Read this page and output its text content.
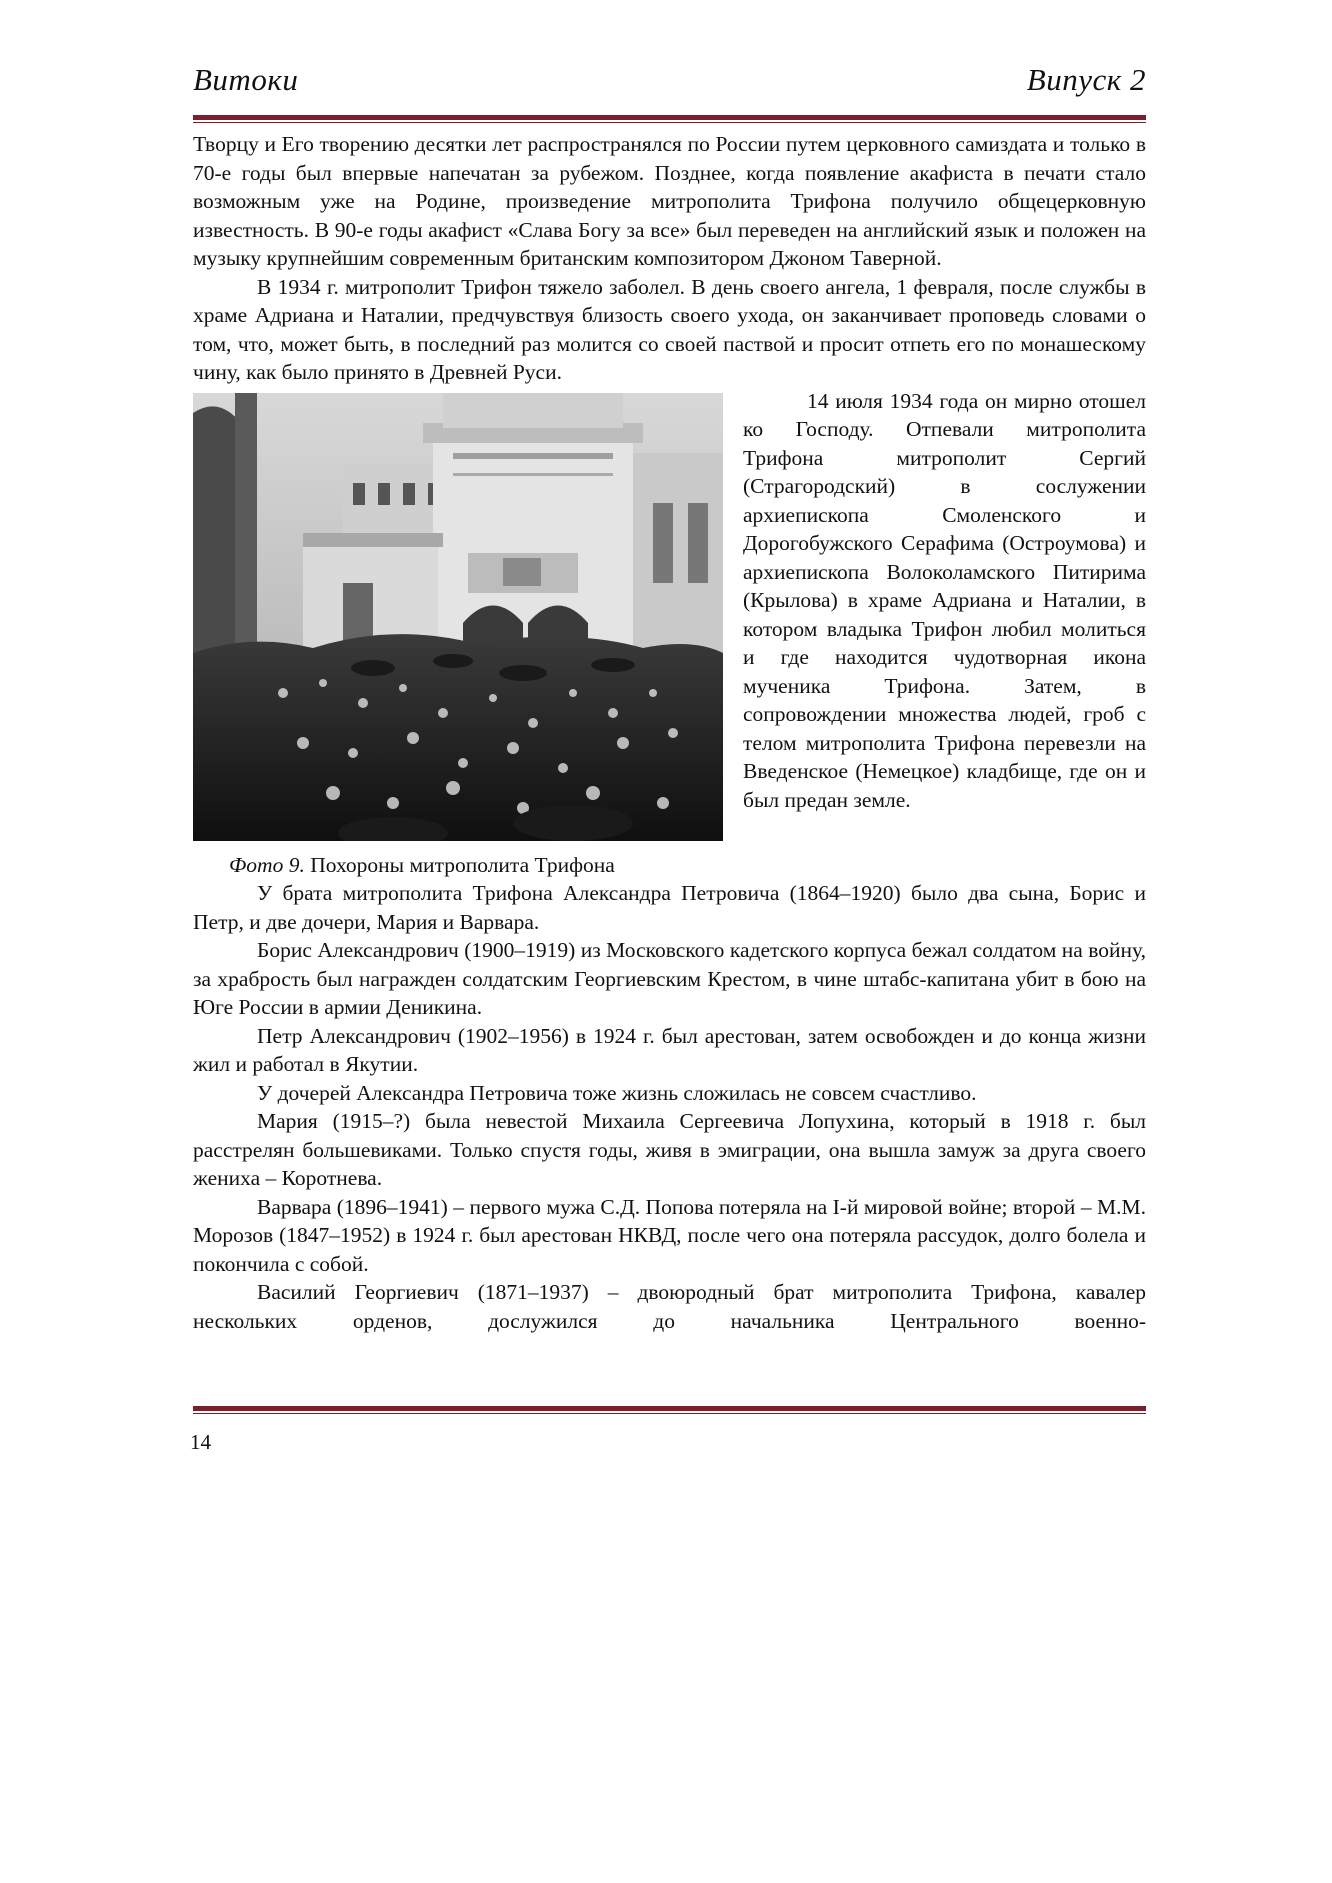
Витоки	Випуск 2

Творцу и Его творению десятки лет распространялся по России путем церковного самиздата и только в 70-е годы был впервые напечатан за рубежом. Позднее, когда появление акафиста в печати стало возможным уже на Родине, произведение митрополита Трифона получило общецерковную известность. В 90-е годы акафист «Слава Богу за все» был переведен на английский язык и положен на музыку крупнейшим современным британским композитором Джоном Таверной.

В 1934 г. митрополит Трифон тяжело заболел. В день своего ангела, 1 февраля, после службы в храме Адриана и Наталии, предчувствуя близость своего ухода, он заканчивает проповедь словами о том, что, может быть, в последний раз молится со своей паствой и просит отпеть его по монашескому чину, как было принято в Древней Руси.

14 июля 1934 года он мирно отошел ко Господу. Отпевали митрополита Трифона митрополит Сергий (Страгородский) в сослужении архиепископа Смоленского и Дорогобужского Серафима (Остроумова) и архиепископа Волоколамского Питирима (Крылова) в храме Адриана и Наталии, в котором владыка Трифон любил молиться и где находится чудотворная икона мученика Трифона. Затем, в сопровождении множества людей, гроб с телом митрополита Трифона перевезли на Введенское (Немецкое) кладбище, где он и был предан земле.

Фото 9. Похороны митрополита Трифона

У брата митрополита Трифона Александра Петровича (1864–1920) было два сына, Борис и Петр, и две дочери, Мария и Варвара.

Борис Александрович (1900–1919) из Московского кадетского корпуса бежал солдатом на войну, за храбрость был награжден солдатским Георгиевским Крестом, в чине штабс-капитана убит в бою на Юге России в армии Деникина.

Петр Александрович (1902–1956) в 1924 г. был арестован, затем освобожден и до конца жизни жил и работал в Якутии.

У дочерей Александра Петровича тоже жизнь сложилась не совсем счастливо.

Мария (1915–?) была невестой Михаила Сергеевича Лопухина, который в 1918 г. был расстрелян большевиками. Только спустя годы, живя в эмиграции, она вышла замуж за друга своего жениха – Коротнева.

Варвара (1896–1941) – первого мужа С.Д. Попова потеряла на І-й мировой войне; второй – М.М. Морозов (1847–1952) в 1924 г. был арестован НКВД, после чего она потеряла рассудок, долго болела и покончила с собой.

Василий Георгиевич (1871–1937) – двоюродный брат митрополита Трифона, кавалер нескольких орденов, дослужился до начальника Центрального военно-

14
